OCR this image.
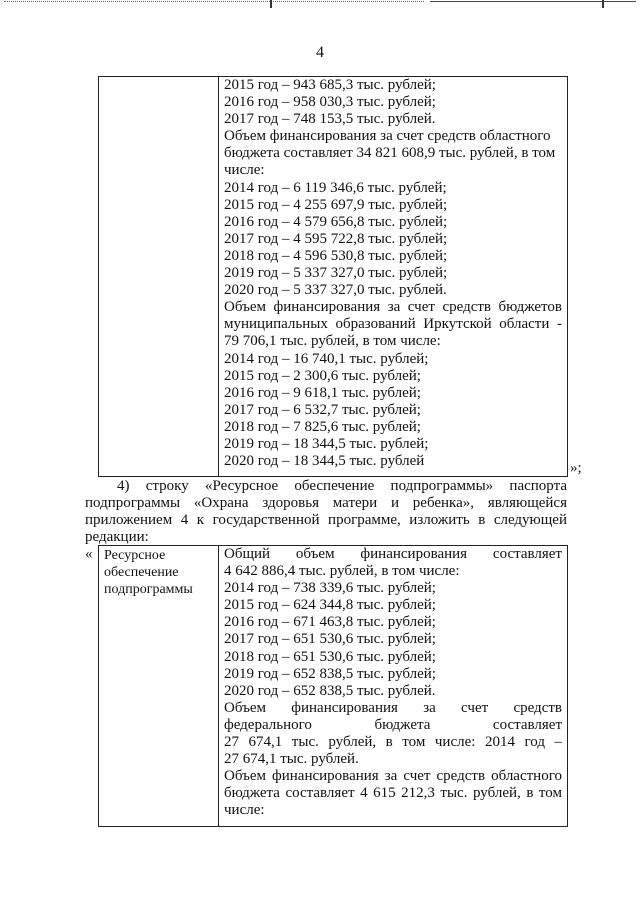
4
2015 год – 943 685,3 тыс. рублей;
2016 год – 958 030,3 тыс. рублей;
2017 год – 748 153,5 тыс. рублей.
Объем финансирования за счет средств областного
бюджета составляет 34 821 608,9 тыс. рублей, в том
числе:
2014 год – 6 119 346,6 тыс. рублей;
2015 год – 4 255 697,9 тыс. рублей;
2016 год – 4 579 656,8 тыс. рублей;
2017 год – 4 595 722,8 тыс. рублей;
2018 год – 4 596 530,8 тыс. рублей;
2019 год – 5 337 327,0 тыс. рублей;
2020 год – 5 337 327,0 тыс. рублей.
Объем финансирования за счет средств бюджетов
муниципальных образований Иркутской области -
79 706,1 тыс. рублей, в том числе:
2014 год – 16 740,1 тыс. рублей;
2015 год – 2 300,6 тыс. рублей;
2016 год – 9 618,1 тыс. рублей;
2017 год – 6 532,7 тыс. рублей;
2018 год – 7 825,6 тыс. рублей;
2019 год – 18 344,5 тыс. рублей;
2020 год – 18 344,5 тыс. рублей	»;
4) строку «Ресурсное обеспечение подпрограммы» паспорта
подпрограммы «Охрана здоровья матери и ребенка», являющейся
приложением 4 к государственной программе, изложить в следующей
редакции:
« Ресурсное
обеспечение
подпрограммы
Общий объем финансирования составляет
4 642 886,4 тыс. рублей, в том числе:
2014 год – 738 339,6 тыс. рублей;
2015 год – 624 344,8 тыс. рублей;
2016 год – 671 463,8 тыс. рублей;
2017 год – 651 530,6 тыс. рублей;
2018 год – 651 530,6 тыс. рублей;
2019 год – 652 838,5 тыс. рублей;
2020 год – 652 838,5 тыс. рублей.
Объем финансирования за счет средств
федерального бюджета составляет
27 674,1 тыс. рублей, в том числе: 2014 год –
27 674,1 тыс. рублей.
Объем финансирования за счет средств областного
бюджета составляет 4 615 212,3 тыс. рублей, в том
числе:
